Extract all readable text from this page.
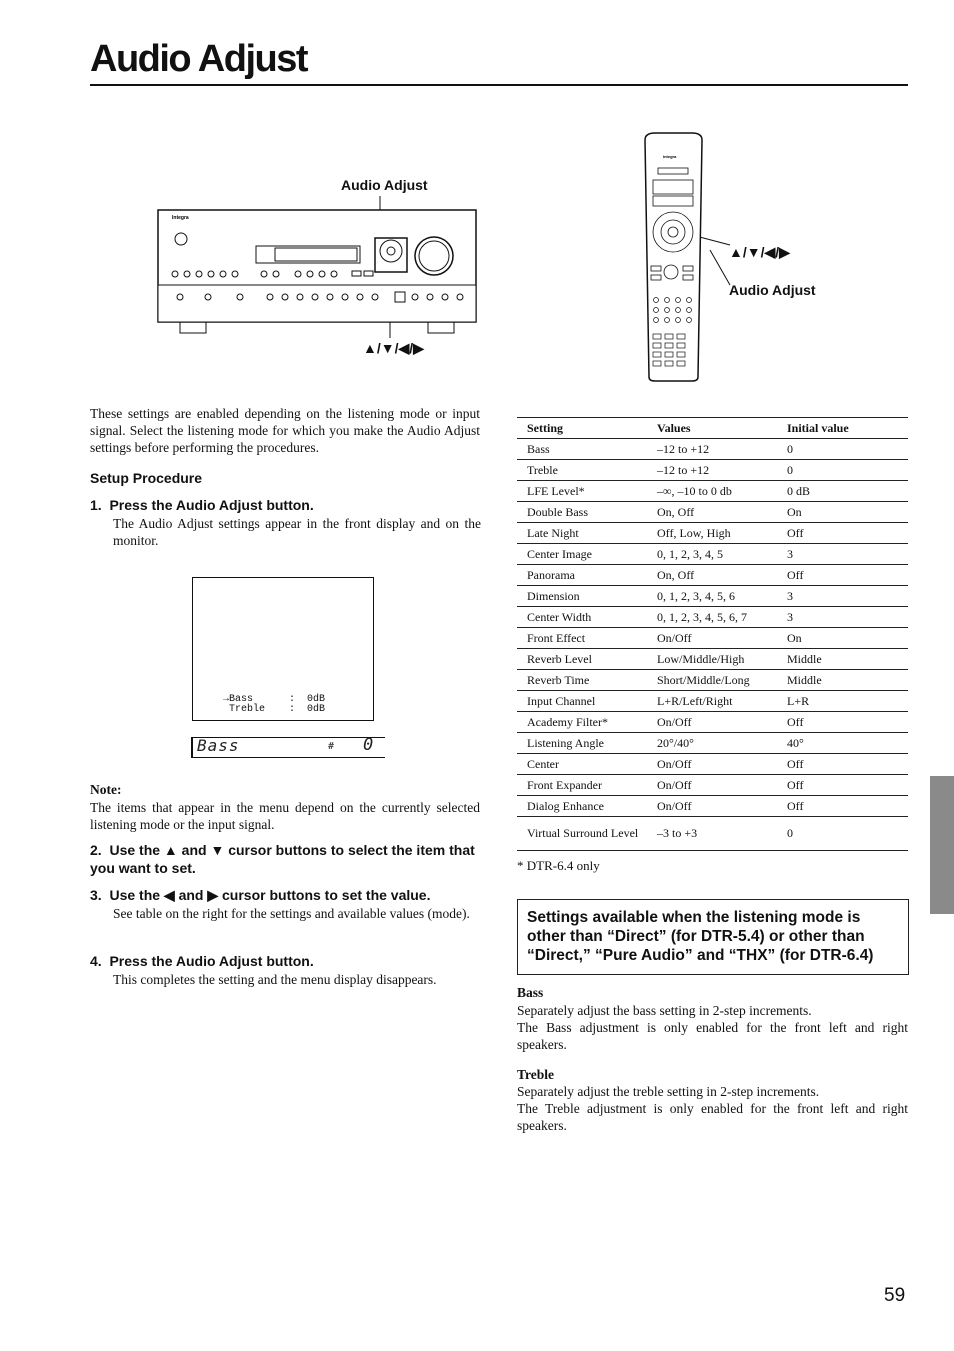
Audio Adjust
Audio Adjust
▲/▼/◀/▶
Integra
Integra
▲/▼/◀/▶
Audio Adjust
These settings are enabled depending on the listening mode or input signal. Select the listening mode for which you make the Audio Adjust settings before performing the procedures.
Setup Procedure
1.  Press the Audio Adjust button.
The Audio Adjust settings appear in the front display and on the monitor.
→Bass      :  0dB
Treble    :  0dB
Bass	# 0
Note:
The items that appear in the menu depend on the currently selected listening mode or the input signal.
2.  Use the ▲ and ▼ cursor buttons to select the item that you want to set.
3.  Use the ◀ and ▶ cursor buttons to set the value.
See table on the right for the settings and available values (mode).
4.  Press the Audio Adjust button.
This completes the setting and the menu display disappears.
Setting	Values	Initial value
Bass	–12 to +12	0
Treble	–12 to +12	0
LFE Level*	–∞, –10 to 0 db	0 dB
Double Bass	On, Off	On
Late Night	Off, Low, High	Off
Center Image	0, 1, 2, 3, 4, 5	3
Panorama	On, Off	Off
Dimension	0, 1, 2, 3, 4, 5, 6	3
Center Width	0, 1, 2, 3, 4, 5, 6, 7	3
Front Effect	On/Off	On
Reverb Level	Low/Middle/High	Middle
Reverb Time	Short/Middle/Long	Middle
Input Channel	L+R/Left/Right	L+R
Academy Filter*	On/Off	Off
Listening Angle	20°/40°	40°
Center	On/Off	Off
Front Expander	On/Off	Off
Dialog Enhance	On/Off	Off
Virtual Surround Level	–3 to +3	0
* DTR-6.4 only
Settings available when the listening mode is other than “Direct” (for DTR-5.4) or other than “Direct,” “Pure Audio” and “THX” (for DTR-6.4)
Bass
Separately adjust the bass setting in 2-step increments.
The Bass adjustment is only enabled for the front left and right speakers.
Treble
Separately adjust the treble setting in 2-step increments.
The Treble adjustment is only enabled for the front left and right speakers.
59
